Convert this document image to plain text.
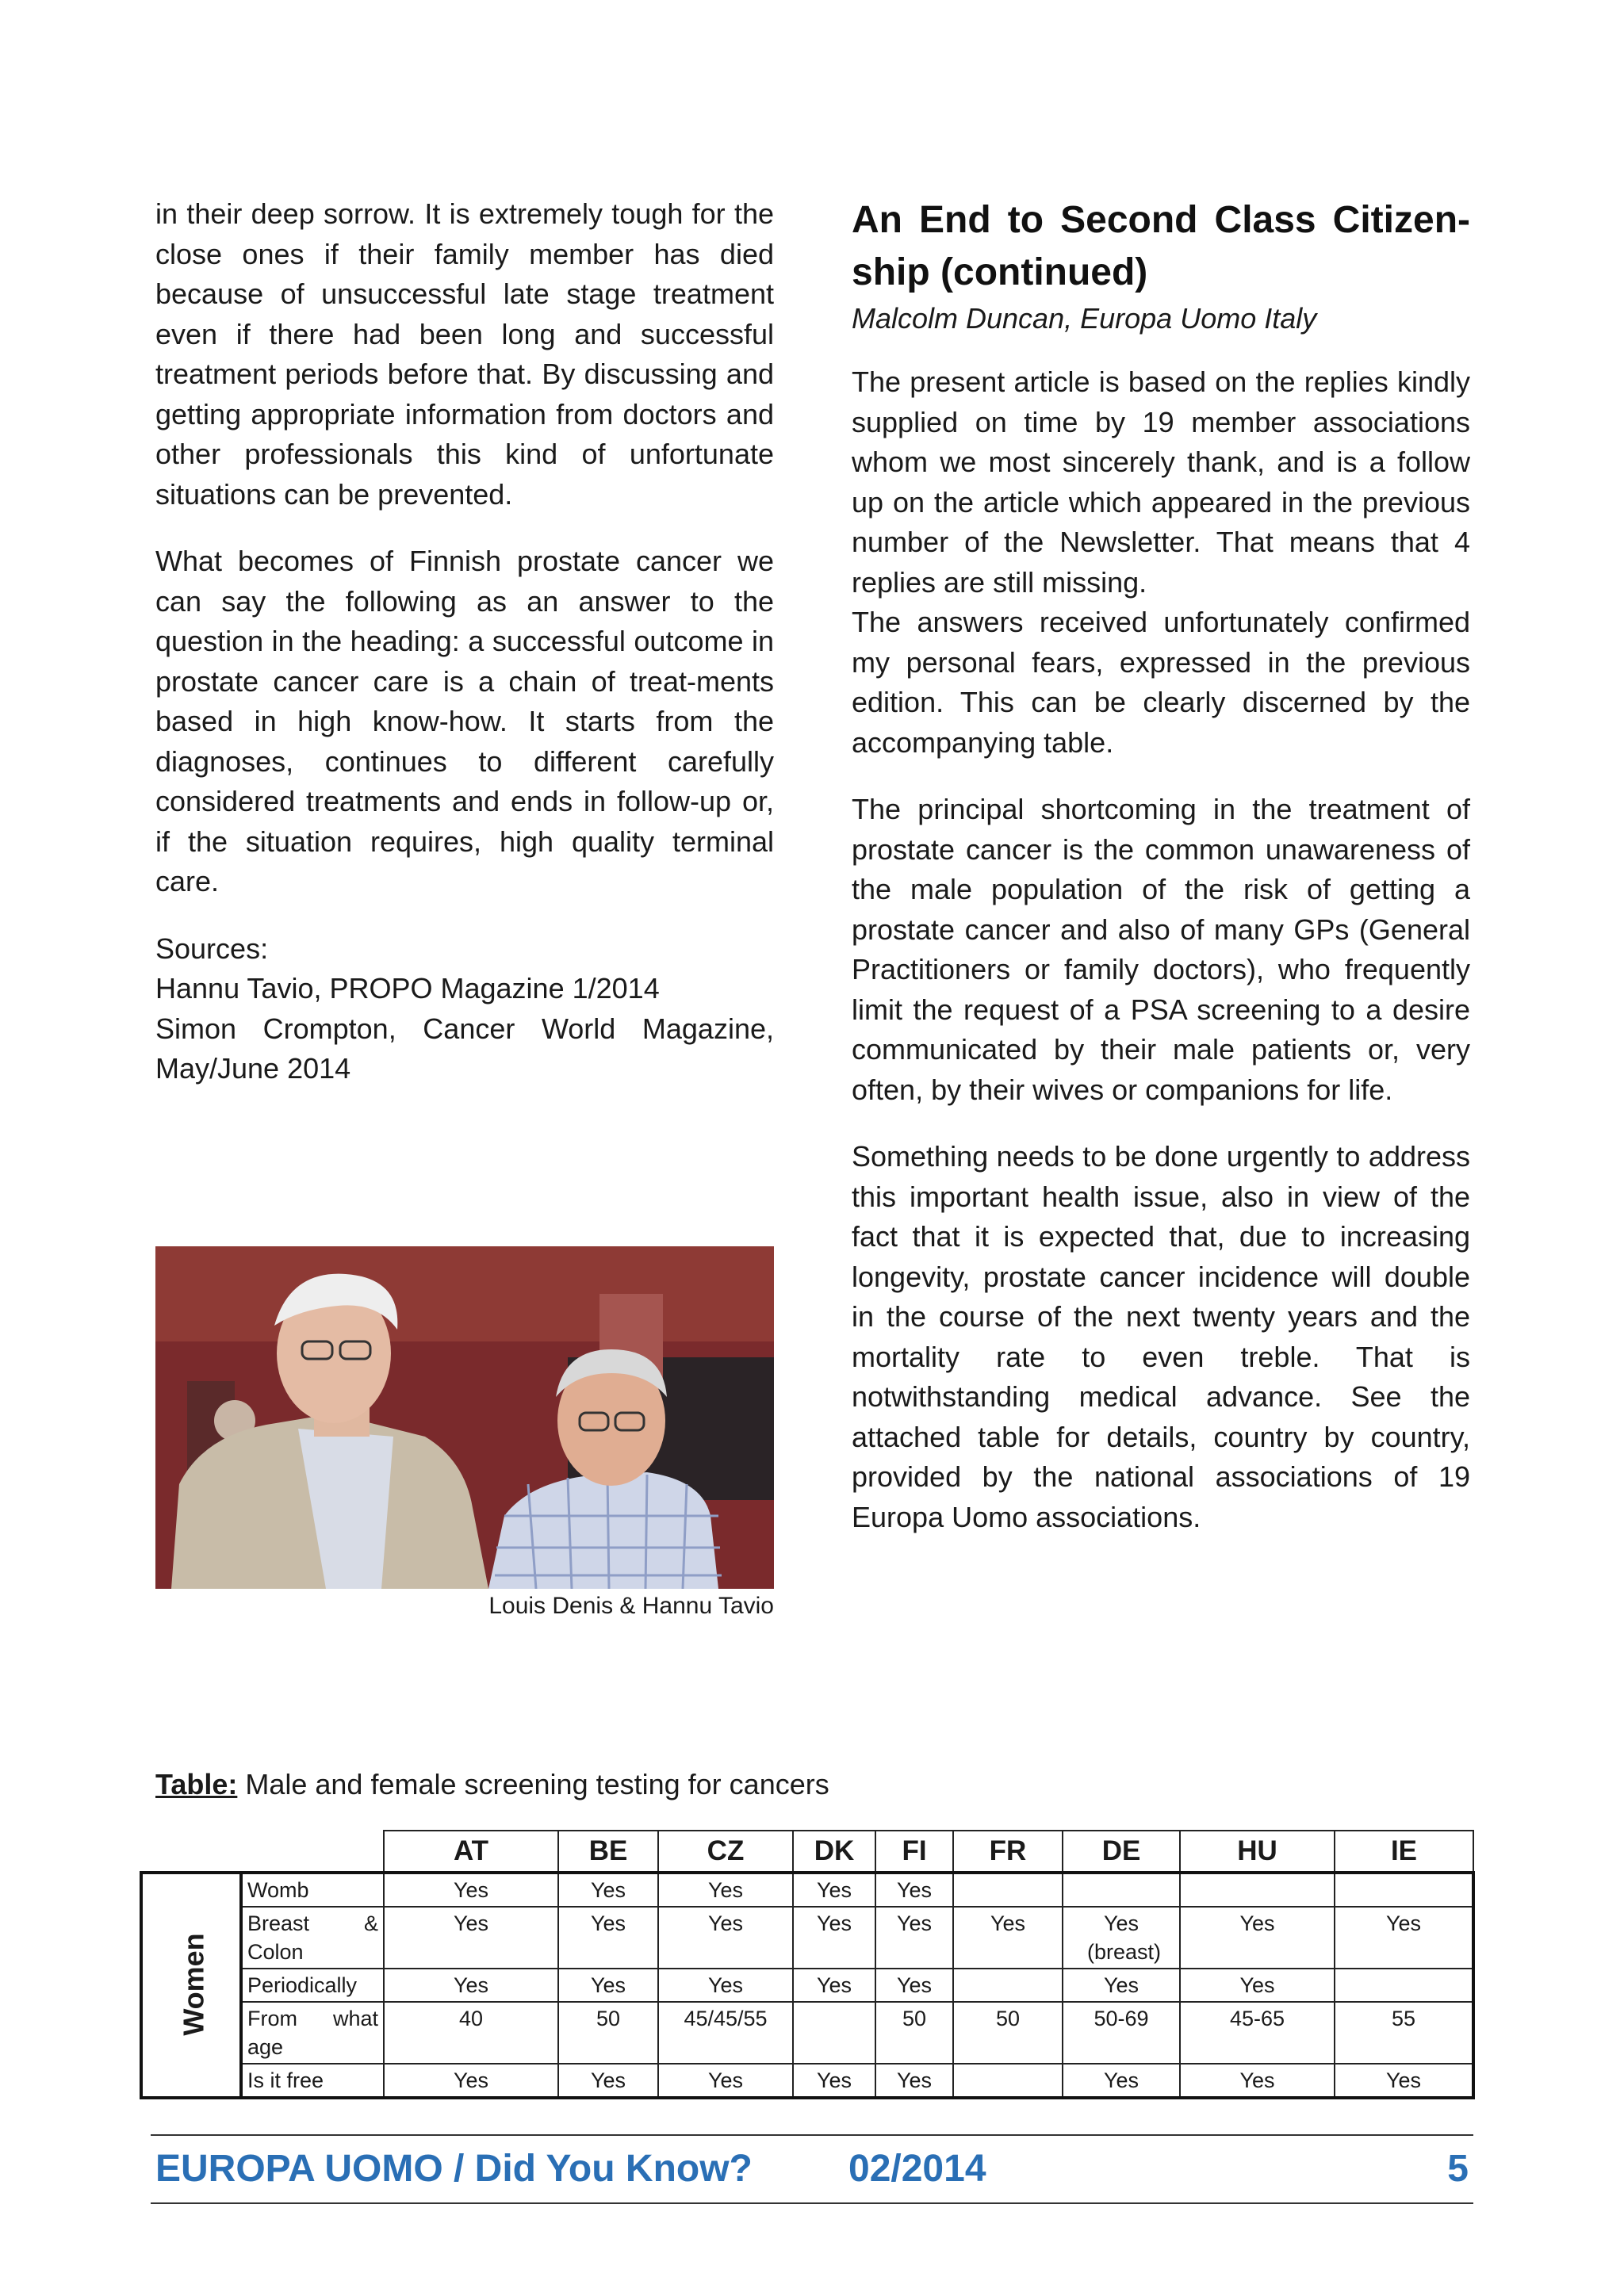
in their deep sorrow. It is extremely tough for the close ones if their family member has died because of unsuccessful late stage treatment even if there had been long and successful treatment periods before that. By discussing and getting appropriate information from doctors and other professionals this kind of unfortunate situations can be prevented.

What becomes of Finnish prostate cancer we can say the following as an answer to the question in the heading: a successful outcome in prostate cancer care is a chain of treat-ments based in high know-how. It starts from the diagnoses, continues to different carefully considered treatments and ends in follow-up or, if the situation requires, high quality terminal care.

Sources:
Hannu Tavio, PROPO Magazine 1/2014
Simon Crompton, Cancer World Magazine,
May/June 2014
Louis Denis & Hannu Tavio
An End to Second Class Citizen-ship (continued)
Malcolm Duncan, Europa Uomo Italy

The present article is based on the replies kindly supplied on time by 19 member associations whom we most sincerely thank, and is a follow up on the article which appeared in the previous number of the Newsletter. That means that 4 replies are still missing.

The answers received unfortunately confirmed my personal fears, expressed in the previous edition. This can be clearly discerned by the accompanying table.

The principal shortcoming in the treatment of prostate cancer is the common unawareness of the male population of the risk of getting a prostate cancer and also of many GPs (General Practitioners or family doctors), who frequently limit the request of a PSA screening to a desire communicated by their male patients or, very often, by their wives or companions for life.

Something needs to be done urgently to address this important health issue, also in view of the fact that it is expected that, due to increasing longevity, prostate cancer incidence will double in the course of the next twenty years and the mortality rate to even treble. That is notwithstanding medical advance. See the attached table for details, country by country, provided by the national associations of 19 Europa Uomo associations.

Table: Male and female screening testing for cancers
		AT	BE	CZ	DK	FI	FR	DE	HU	IE
Women	Womb	Yes	Yes	Yes	Yes	Yes				
	Breast & Colon	Yes	Yes	Yes	Yes	Yes	Yes	Yes (breast)	Yes	Yes
	Periodically	Yes	Yes	Yes	Yes	Yes		Yes	Yes	
	From what age	40	50	45/45/55		50	50	50-69	45-65	55
	Is it free	Yes	Yes	Yes	Yes	Yes		Yes	Yes	Yes
EUROPA UOMO / Did You Know?	02/2014	5
